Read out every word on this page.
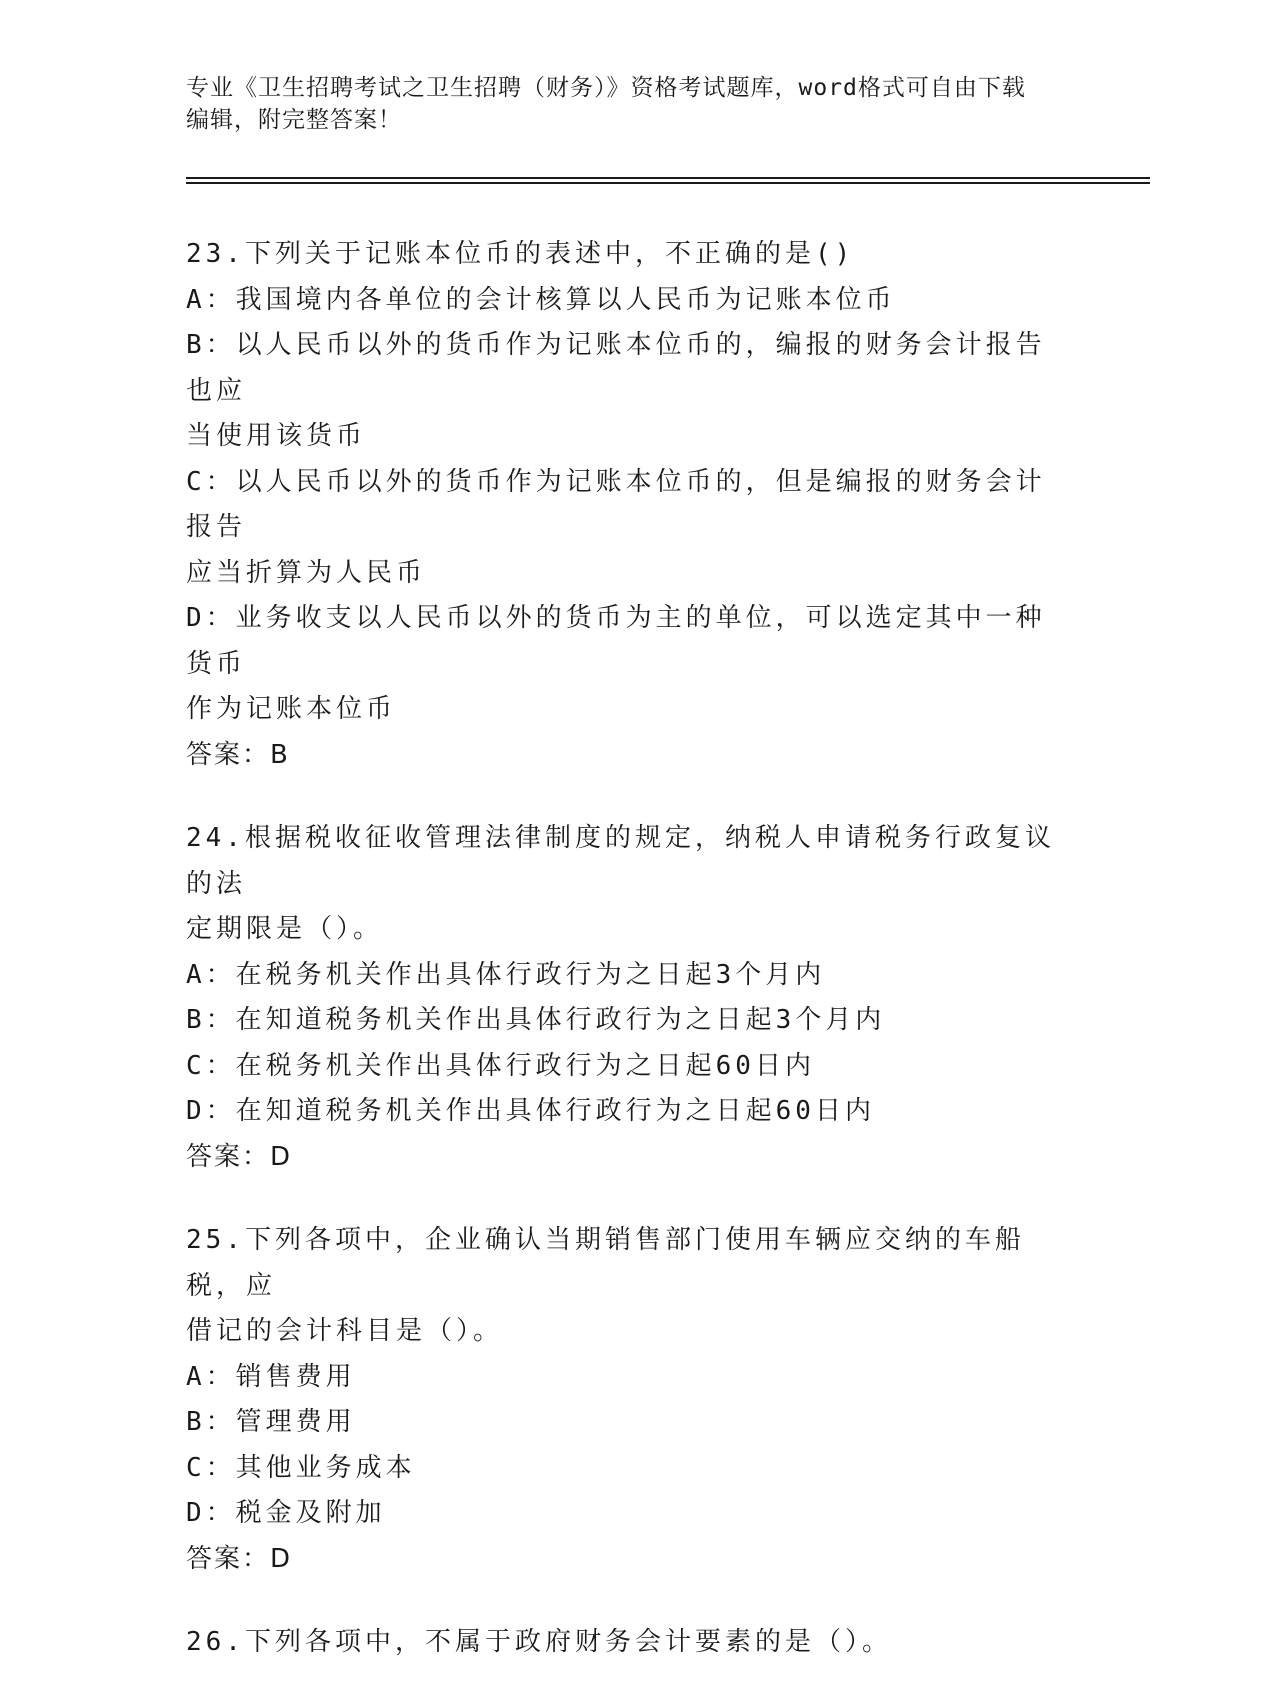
专业《卫生招聘考试之卫生招聘（财务）》资格考试题库，word格式可自由下载
编辑，附完整答案！

23.下列关于记账本位币的表述中，不正确的是()

A：我国境内各单位的会计核算以人民币为记账本位币

B：以人民币以外的货币作为记账本位币的，编报的财务会计报告也应

当使用该货币

C：以人民币以外的货币作为记账本位币的，但是编报的财务会计报告

应当折算为人民币

D：业务收支以人民币以外的货币为主的单位，可以选定其中一种货币

作为记账本位币

答案：B

24.根据税收征收管理法律制度的规定，纳税人申请税务行政复议的法

定期限是（）。

A：在税务机关作出具体行政行为之日起3个月内

B：在知道税务机关作出具体行政行为之日起3个月内

C：在税务机关作出具体行政行为之日起60日内

D：在知道税务机关作出具体行政行为之日起60日内

答案：D

25.下列各项中，企业确认当期销售部门使用车辆应交纳的车船税，应

借记的会计科目是（）。

A：销售费用

B：管理费用

C：其他业务成本

D：税金及附加

答案：D

26.下列各项中，不属于政府财务会计要素的是（）。
